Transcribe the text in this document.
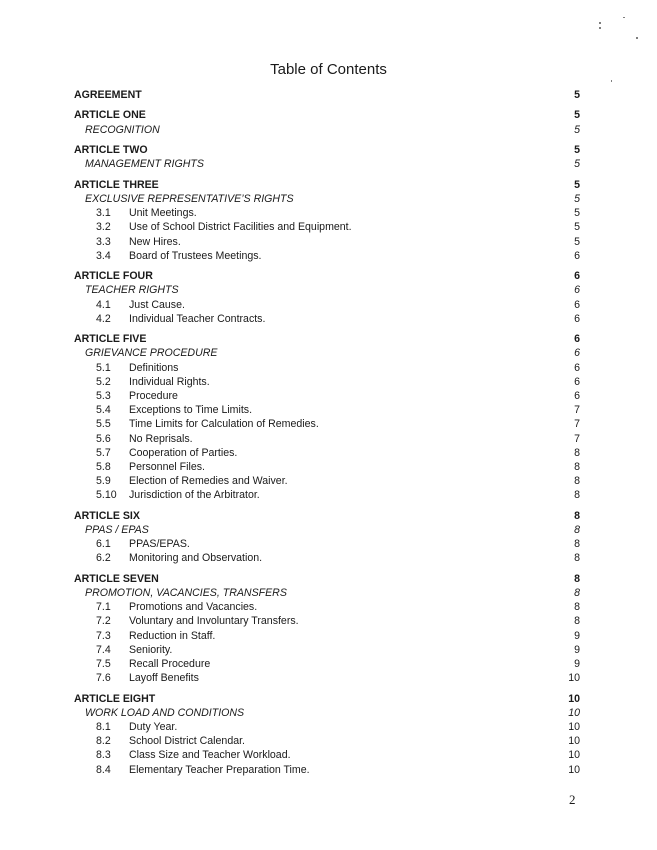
Table of Contents
AGREEMENT	5
ARTICLE ONE	5
RECOGNITION	5
ARTICLE TWO	5
MANAGEMENT RIGHTS	5
ARTICLE THREE	5
EXCLUSIVE REPRESENTATIVE’S RIGHTS	5
3.1 Unit Meetings.	5
3.2 Use of School District Facilities and Equipment.	5
3.3 New Hires.	5
3.4 Board of Trustees Meetings.	6
ARTICLE FOUR	6
TEACHER RIGHTS	6
4.1 Just Cause.	6
4.2 Individual Teacher Contracts.	6
ARTICLE FIVE	6
GRIEVANCE PROCEDURE	6
5.1 Definitions	6
5.2 Individual Rights.	6
5.3 Procedure	6
5.4 Exceptions to Time Limits.	7
5.5 Time Limits for Calculation of Remedies.	7
5.6 No Reprisals.	7
5.7 Cooperation of Parties.	8
5.8 Personnel Files.	8
5.9 Election of Remedies and Waiver.	8
5.10 Jurisdiction of the Arbitrator.	8
ARTICLE SIX	8
PPAS / EPAS	8
6.1 PPAS/EPAS.	8
6.2 Monitoring and Observation.	8
ARTICLE SEVEN	8
PROMOTION, VACANCIES, TRANSFERS	8
7.1 Promotions and Vacancies.	8
7.2 Voluntary and Involuntary Transfers.	8
7.3 Reduction in Staff.	9
7.4 Seniority.	9
7.5 Recall Procedure	9
7.6 Layoff Benefits	10
ARTICLE EIGHT	10
WORK LOAD AND CONDITIONS	10
8.1 Duty Year.	10
8.2 School District Calendar.	10
8.3 Class Size and Teacher Workload.	10
8.4 Elementary Teacher Preparation Time.	10
2
